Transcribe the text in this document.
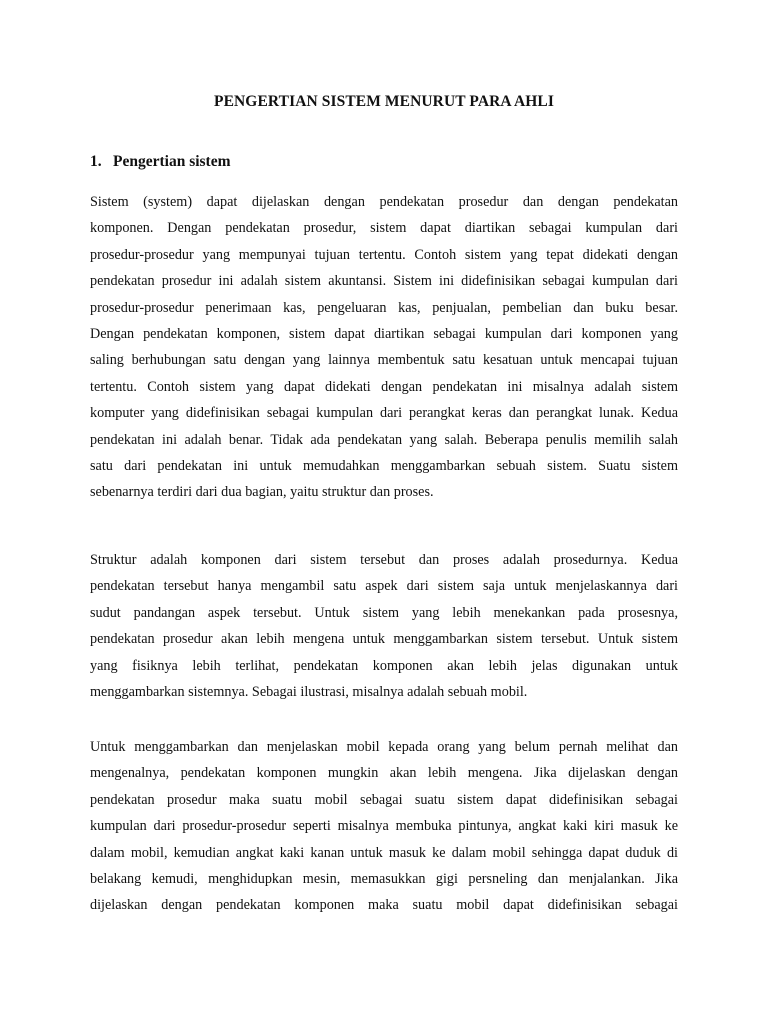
PENGERTIAN SISTEM MENURUT PARA AHLI
1. Pengertian sistem
Sistem (system) dapat dijelaskan dengan pendekatan prosedur dan dengan pendekatan
komponen. Dengan pendekatan prosedur, sistem dapat diartikan sebagai kumpulan dari
prosedur-prosedur yang mempunyai tujuan tertentu. Contoh sistem yang tepat didekati dengan
pendekatan prosedur ini adalah sistem akuntansi. Sistem ini didefinisikan sebagai kumpulan dari
prosedur-prosedur penerimaan kas, pengeluaran kas, penjualan, pembelian dan buku besar.
Dengan pendekatan komponen, sistem dapat diartikan sebagai kumpulan dari komponen yang
saling berhubungan satu dengan yang lainnya membentuk satu kesatuan untuk mencapai tujuan
tertentu. Contoh sistem yang dapat didekati dengan pendekatan ini misalnya adalah sistem
komputer yang didefinisikan sebagai kumpulan dari perangkat keras dan perangkat lunak. Kedua
pendekatan ini adalah benar. Tidak ada pendekatan yang salah. Beberapa penulis memilih salah
satu dari pendekatan ini untuk memudahkan menggambarkan sebuah sistem. Suatu sistem
sebenarnya terdiri dari dua bagian, yaitu struktur dan proses.
Struktur adalah komponen dari sistem tersebut dan proses adalah prosedurnya. Kedua
pendekatan tersebut hanya mengambil satu aspek dari sistem saja untuk menjelaskannya dari
sudut pandangan aspek tersebut. Untuk sistem yang lebih menekankan pada prosesnya,
pendekatan prosedur akan lebih mengena untuk menggambarkan sistem tersebut. Untuk sistem
yang fisiknya lebih terlihat, pendekatan komponen akan lebih jelas digunakan untuk
menggambarkan sistemnya. Sebagai ilustrasi, misalnya adalah sebuah mobil.
Untuk menggambarkan dan menjelaskan mobil kepada orang yang belum pernah melihat dan
mengenalnya, pendekatan komponen mungkin akan lebih mengena. Jika dijelaskan dengan
pendekatan prosedur maka suatu mobil sebagai suatu sistem dapat didefinisikan sebagai
kumpulan dari prosedur-prosedur seperti misalnya membuka pintunya, angkat kaki kiri masuk ke
dalam mobil, kemudian angkat kaki kanan untuk masuk ke dalam mobil sehingga dapat duduk di
belakang kemudi, menghidupkan mesin, memasukkan gigi persneling dan menjalankan. Jika
dijelaskan dengan pendekatan komponen maka suatu mobil dapat didefinisikan sebagai
